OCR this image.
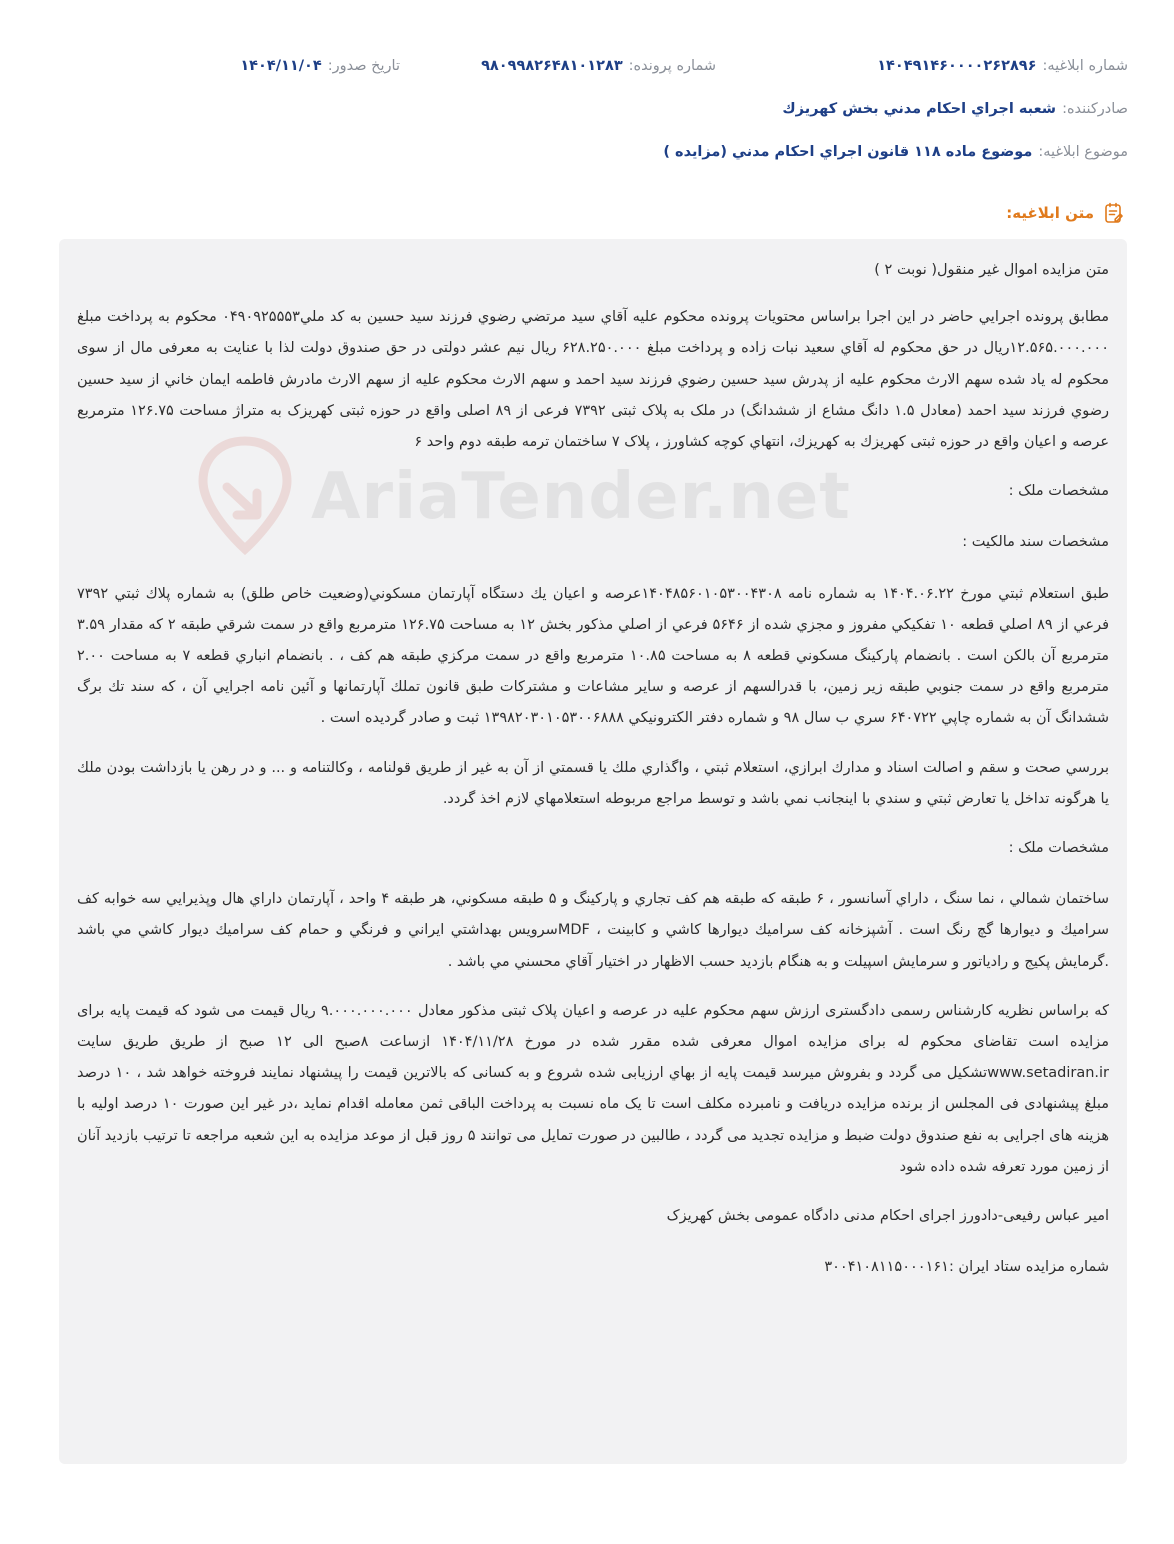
شماره ابلاغیه:
۱۴۰۴۹۱۴۶۰۰۰۰۲۶۲۸۹۶
شماره پرونده:
۹۸۰۹۹۸۲۶۴۸۱۰۱۲۸۳
تاریخ صدور:
۱۴۰۴/۱۱/۰۴
صادرکننده:
شعبه اجراي احكام مدني بخش كهريزك
موضوع ابلاغیه:
موضوع ماده ۱۱۸ قانون اجراي احكام مدني (مزايده )
متن ابلاغیه:
AriaTender.net

متن مزايده اموال غير منقول( نوبت ۲ )

مطابق پرونده اجرايي حاضر در اين اجرا براساس محتويات پرونده محكوم عليه آقاي سيد مرتضي رضوي فرزند سيد حسين به كد ملي۰۴۹۰۹۲۵۵۵۳ محكوم به پرداخت مبلغ ۱۲.۵۶۵.۰۰۰.۰۰۰ريال در حق محكوم له آقاي سعيد نبات زاده و پرداخت مبلغ ۶۲۸.۲۵۰.۰۰۰ ريال نيم عشر دولتی در حق صندوق دولت لذا با عنایت به معرفی مال از سوی محکوم له ياد شده سهم الارث محكوم عليه از پدرش سيد حسين رضوي فرزند سيد احمد و سهم الارث محكوم عليه از سهم الارث مادرش فاطمه ايمان خاني از سيد حسين رضوي فرزند سيد احمد (معادل ۱.۵ دانگ مشاع از ششدانگ) در ملک به پلاک ثبتی ۷۳۹۲ فرعی از ۸۹ اصلی واقع در حوزه ثبتی کهریزک به متراژ مساحت ۱۲۶.۷۵ مترمربع عرصه و اعيان واقع در حوزه ثبتی كهريزك به كهريزك، انتهاي كوچه كشاورز ، پلاک ۷ ساختمان ترمه طبقه دوم واحد ۶

مشخصات ملک :

مشخصات سند مالکیت :

طبق استعلام ثبتي مورخ ۱۴۰۴.۰۶.۲۲ به شماره نامه ۱۴۰۴۸۵۶۰۱۰۵۳۰۰۴۳۰۸عرصه و اعيان يك دستگاه آپارتمان مسكوني(وضعيت خاص طلق) به شماره پلاك ثبتي ۷۳۹۲ فرعي از ۸۹ اصلي قطعه ۱۰ تفكيكي مفروز و مجزي شده از ۵۶۴۶ فرعي از اصلي مذكور بخش ۱۲ به مساحت ۱۲۶.۷۵ مترمربع واقع در سمت شرقي طبقه ۲ كه مقدار ۳.۵۹ مترمربع آن بالكن است . بانضمام پاركينگ مسكوني قطعه ۸ به مساحت ۱۰.۸۵ مترمربع واقع در سمت مركزي طبقه هم كف ، . بانضمام انباري قطعه ۷ به مساحت ۲.۰۰ مترمربع واقع در سمت جنوبي طبقه زير زمين، با قدرالسهم از عرصه و ساير مشاعات و مشتركات طبق قانون تملك آپارتمانها و آئين نامه اجرايي آن ، كه سند تك برگ ششدانگ آن به شماره چاپي ۶۴۰۷۲۲ سري ب سال ۹۸ و شماره دفتر الكترونيكي ۱۳۹۸۲۰۳۰۱۰۵۳۰۰۶۸۸۸ ثبت و صادر گرديده است .

بررسي صحت و سقم و اصالت اسناد و مدارك ابرازي، استعلام ثبتي ، واگذاري ملك يا قسمتي از آن به غير از طريق قولنامه ، وكالتنامه و ... و در رهن يا بازداشت بودن ملك يا هرگونه تداخل يا تعارض ثبتي و سندي با اينجانب نمي باشد و توسط مراجع مربوطه استعلامهاي لازم اخذ گردد.

مشخصات ملک :

ساختمان شمالي ، نما سنگ ، داراي آسانسور ، ۶ طبقه كه طبقه هم كف تجاري و پاركينگ و ۵ طبقه مسكوني، هر طبقه ۴ واحد ، آپارتمان داراي هال وپذيرايي سه خوابه كف سراميك و ديوارها گچ رنگ است . آشپزخانه كف سراميك ديوارها كاشي و كابينت ، MDFسرويس بهداشتي ايراني و فرنگي و حمام كف سراميك ديوار كاشي مي باشد .گرمايش پكيج و رادياتور و سرمايش اسپيلت و به هنگام بازديد حسب الاظهار در اختيار آقاي محسني مي باشد .

كه براساس نظريه كارشناس رسمی دادگستری ارزش سهم محکوم علیه در عرصه و اعیان پلاک ثبتی مذکور معادل ۹.۰۰۰.۰۰۰.۰۰۰ ريال قيمت می شود كه قيمت پايه برای مزايده است تقاضای محکوم له برای مزایده اموال معرفی شده مقرر شده در مورخ ۱۴۰۴/۱۱/۲۸ ازساعت ۸صبح الی ۱۲ صبح از طريق طريق سايت www.setadiran.irتشکیل می گردد و بفروش ميرسد قيمت پايه از بهاي ارزيابی شده شروع و به كسانی كه بالاترين قيمت را پيشنهاد نمايند فروخته خواهد شد ، ۱۰ درصد مبلغ پیشنهادی فی المجلس از برنده مزايده دريافت و نامبرده مكلف است تا یک ماه نسبت به پرداخت الباقی ثمن معامله اقدام نمايد ،در غير اين صورت ۱۰ درصد اوليه با هزينه های اجرايی به نفع صندوق دولت ضبط و مزايده تجديد می گردد ، طالبين در صورت تمايل می توانند ۵ روز قبل از موعد مزايده به اين شعبه مراجعه تا ترتيب بازديد آنان از زمين مورد تعرفه شده داده شود

امیر عباس رفیعی-دادورز اجرای احکام مدنی دادگاه عمومی بخش کهریزک

شماره مزايده ستاد ايران :۳۰۰۴۱۰۸۱۱۵۰۰۰۱۶۱
